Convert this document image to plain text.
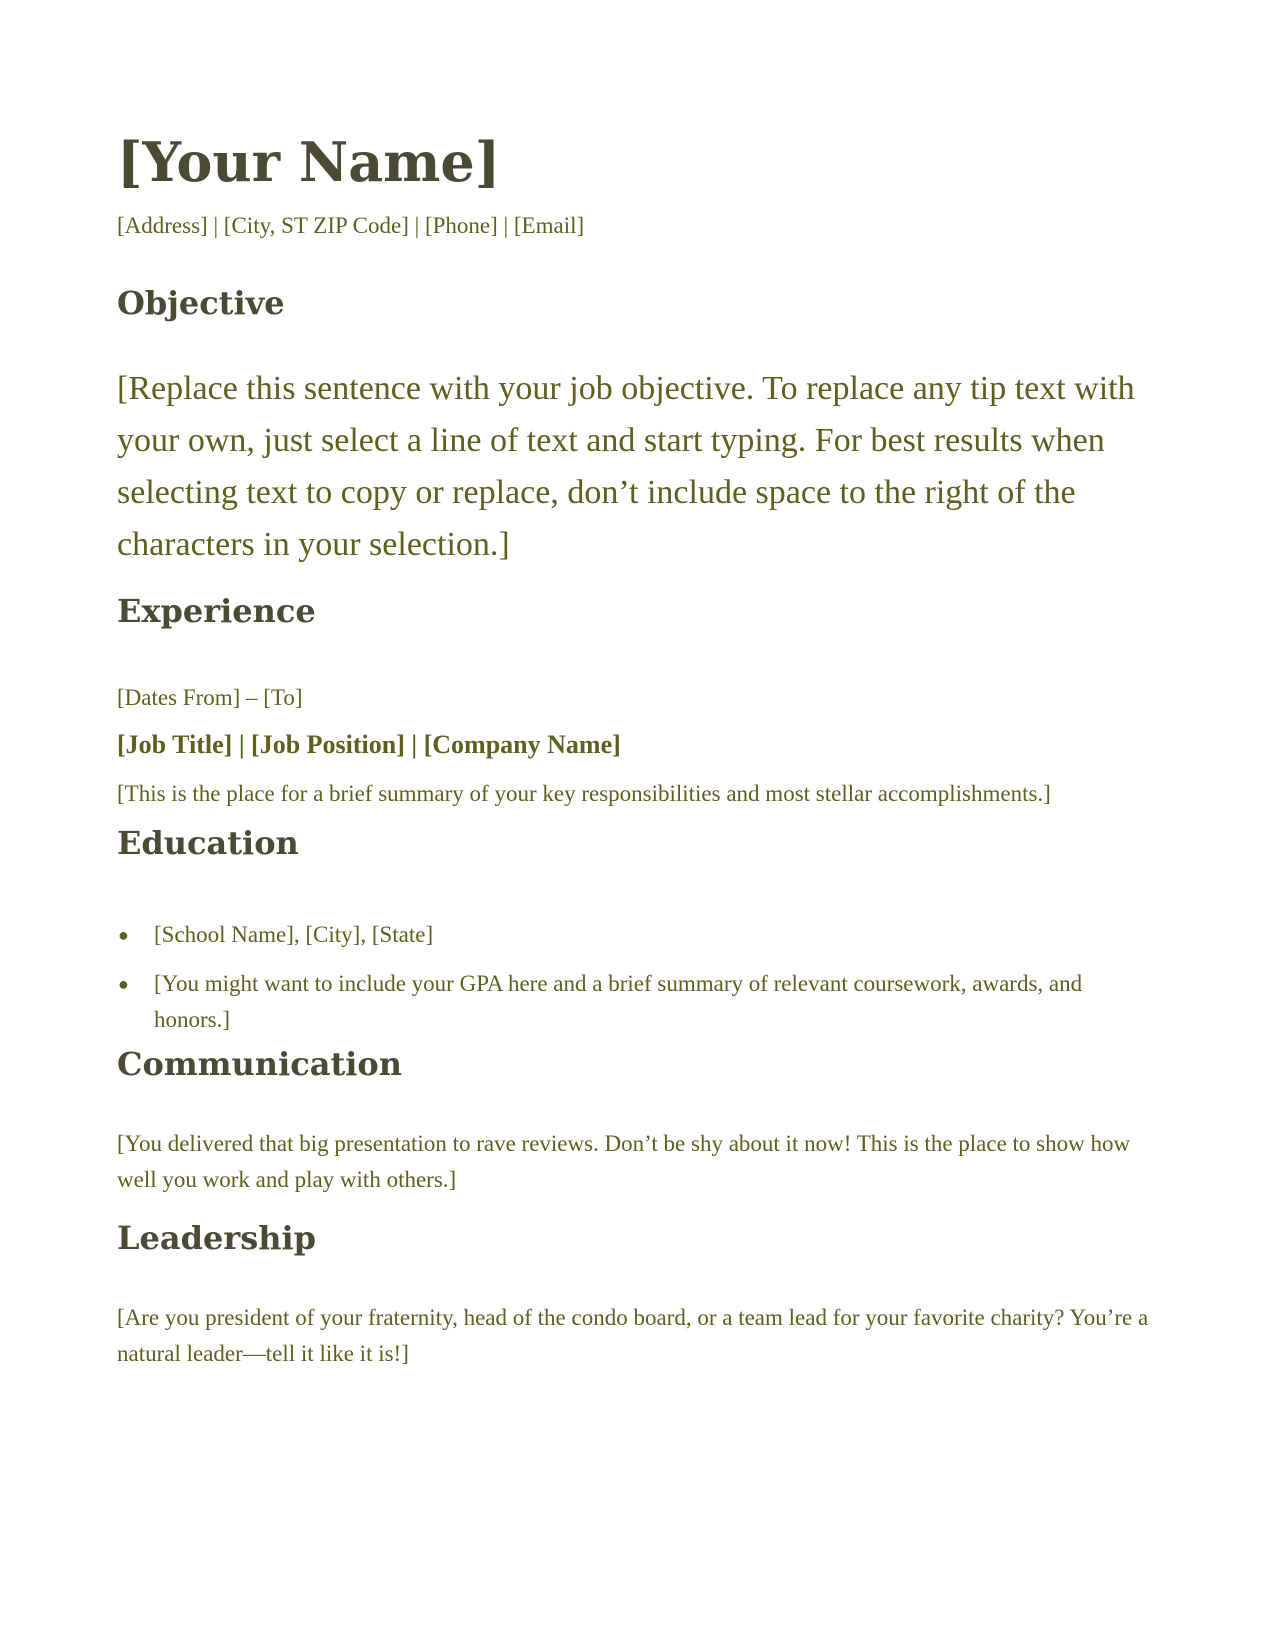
[Your Name]
[Address] | [City, ST ZIP Code] | [Phone] | [Email]
Objective
[Replace this sentence with your job objective. To replace any tip text with your own, just select a line of text and start typing. For best results when selecting text to copy or replace, don’t include space to the right of the characters in your selection.]
Experience
[Dates From] – [To]
[Job Title] | [Job Position] | [Company Name]
[This is the place for a brief summary of your key responsibilities and most stellar accomplishments.]
Education
● [School Name], [City], [State]
● [You might want to include your GPA here and a brief summary of relevant coursework, awards, and honors.]
Communication
[You delivered that big presentation to rave reviews. Don’t be shy about it now! This is the place to show how well you work and play with others.]
Leadership
[Are you president of your fraternity, head of the condo board, or a team lead for your favorite charity? You’re a natural leader—tell it like it is!]
